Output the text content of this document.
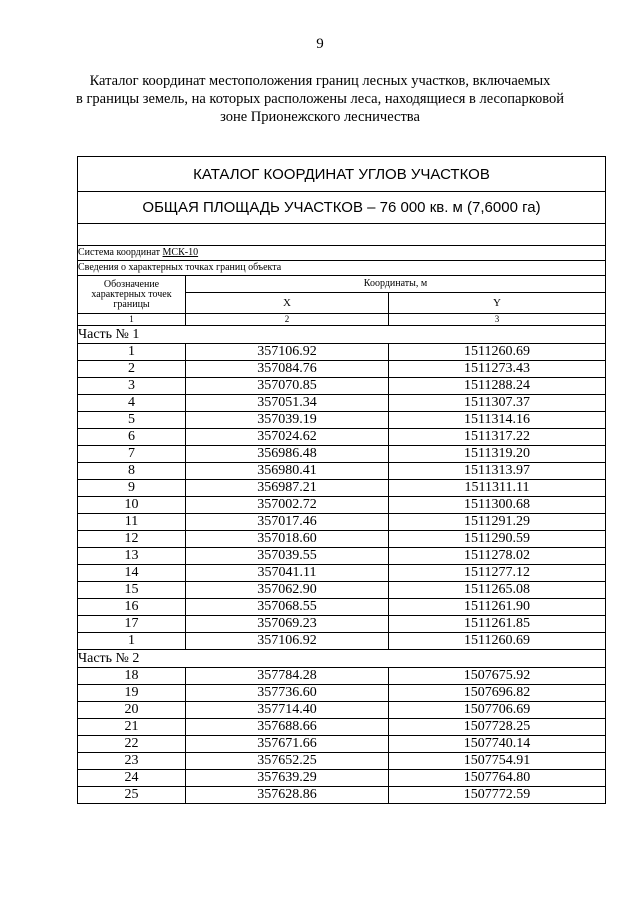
9
Каталог координат местоположения границ лесных участков, включаемых
в границы земель, на которых расположены леса, находящиеся в лесопарковой
зоне Прионежского лесничества
КАТАЛОГ КООРДИНАТ УГЛОВ УЧАСТКОВ		
ОБЩАЯ ПЛОЩАДЬ УЧАСТКОВ – 76 000 кв. м (7,6000 га)		

Система координат МСК-10		
Сведения о характерных точках границ объекта		
Обозначение характерных точек границы	Координаты, м	
	X	Y
1	2	3
Часть № 1		
1	357106.92	1511260.69
2	357084.76	1511273.43
3	357070.85	1511288.24
4	357051.34	1511307.37
5	357039.19	1511314.16
6	357024.62	1511317.22
7	356986.48	1511319.20
8	356980.41	1511313.97
9	356987.21	1511311.11
10	357002.72	1511300.68
11	357017.46	1511291.29
12	357018.60	1511290.59
13	357039.55	1511278.02
14	357041.11	1511277.12
15	357062.90	1511265.08
16	357068.55	1511261.90
17	357069.23	1511261.85
1	357106.92	1511260.69
Часть № 2		
18	357784.28	1507675.92
19	357736.60	1507696.82
20	357714.40	1507706.69
21	357688.66	1507728.25
22	357671.66	1507740.14
23	357652.25	1507754.91
24	357639.29	1507764.80
25	357628.86	1507772.59
